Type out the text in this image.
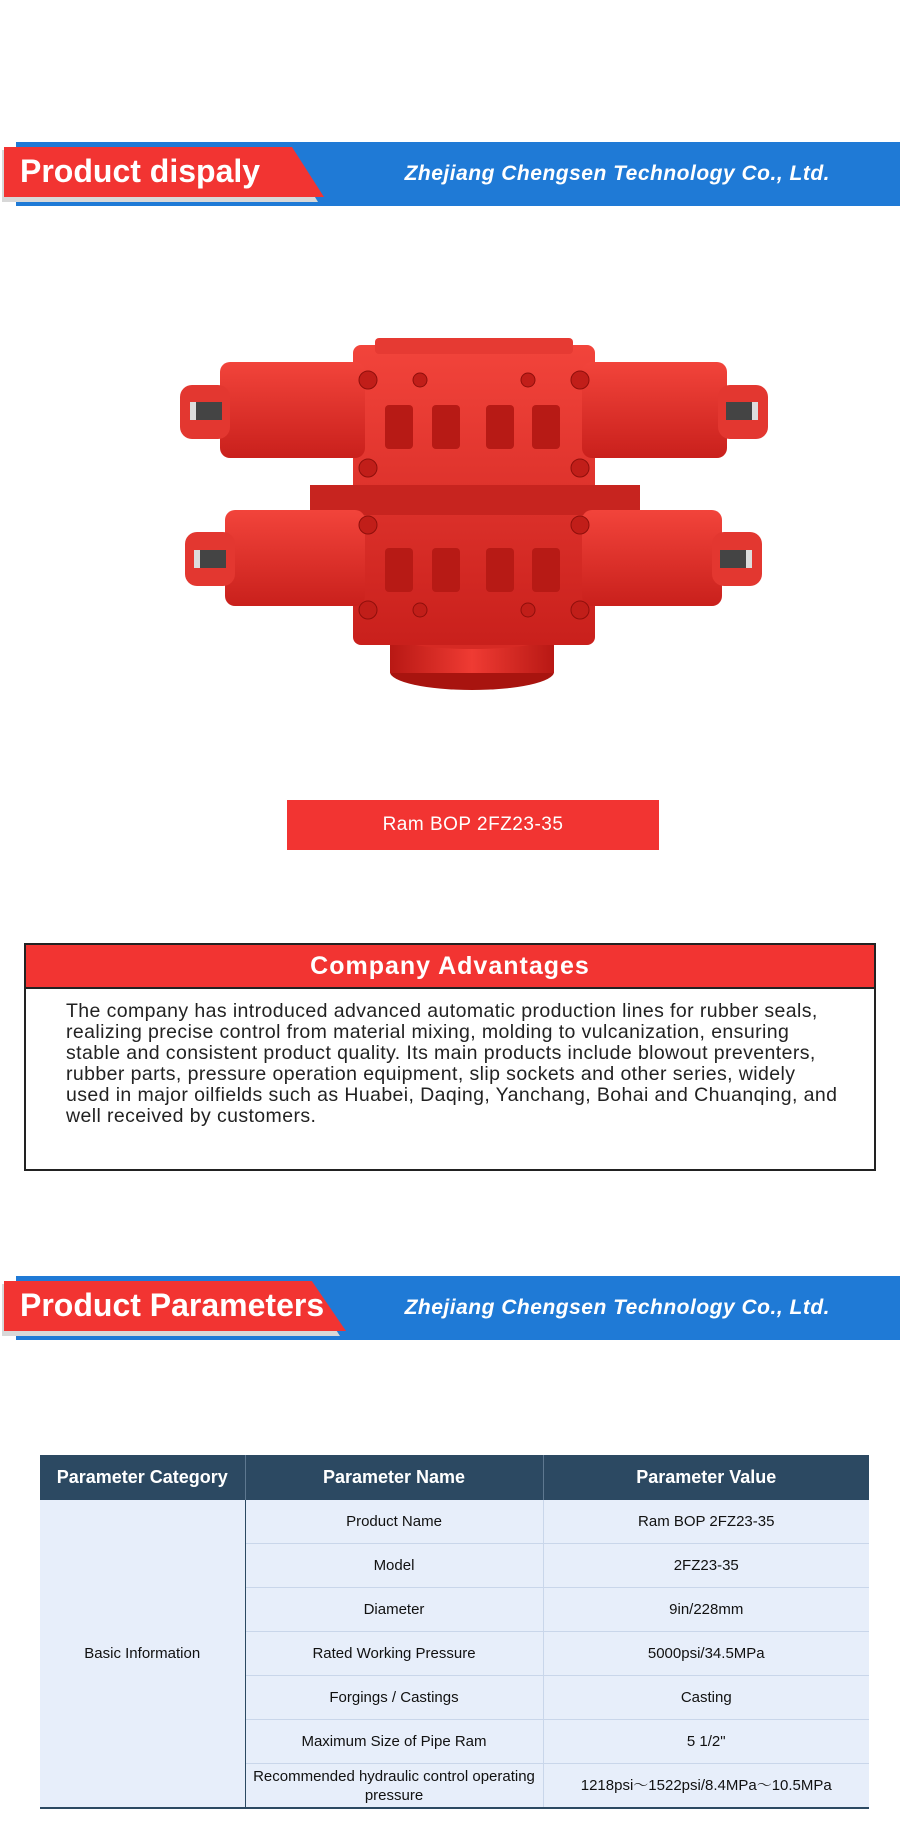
Product dispaly	Zhejiang Chengsen Technology Co., Ltd.
Ram BOP 2FZ23-35
Company Advantages
The company has introduced advanced automatic production lines for rubber seals, realizing precise control from material mixing, molding to vulcanization, ensuring stable and consistent product quality. Its main products include blowout preventers, rubber parts, pressure operation equipment, slip sockets and other series, widely used in major oilfields such as Huabei, Daqing, Yanchang, Bohai and Chuanqing, and well received by customers.
Product Parameters	Zhejiang Chengsen Technology Co., Ltd.
Parameter Category	Parameter Name	Parameter Value
Basic Information	Product Name	Ram BOP 2FZ23-35
	Model	2FZ23-35
	Diameter	9in/228mm
	Rated Working Pressure	5000psi/34.5MPa
	Forgings / Castings	Casting
	Maximum Size of Pipe Ram	5 1/2"
	Recommended hydraulic control operating pressure	1218psi～1522psi/8.4MPa～10.5MPa
